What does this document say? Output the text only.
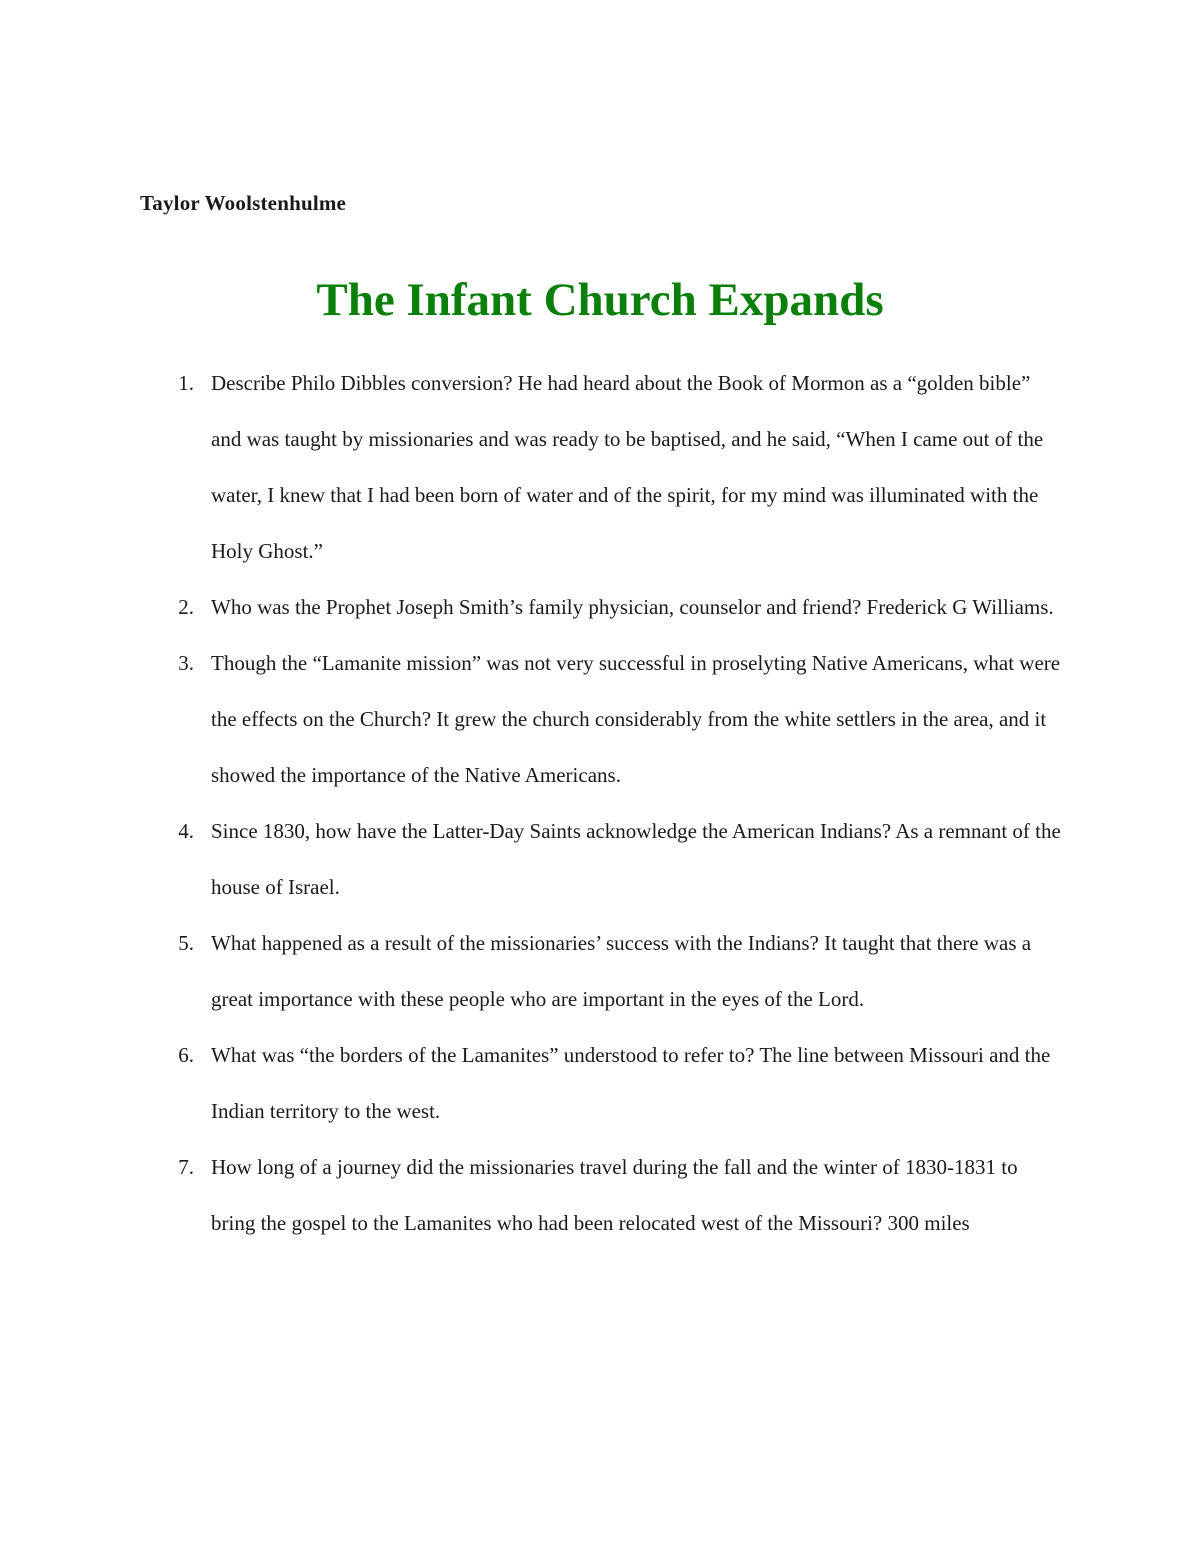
Taylor Woolstenhulme
The Infant Church Expands
1. Describe Philo Dibbles conversion? He had heard about the Book of Mormon as a “golden bible” and was taught by missionaries and was ready to be baptised, and he said, “When I came out of the water, I knew that I had been born of water and of the spirit, for my mind was illuminated with the Holy Ghost.”
2. Who was the Prophet Joseph Smith’s family physician, counselor and friend? Frederick G Williams.
3. Though the “Lamanite mission” was not very successful in proselyting Native Americans, what were the effects on the Church? It grew the church considerably from the white settlers in the area, and it showed the importance of the Native Americans.
4. Since 1830, how have the Latter-Day Saints acknowledge the American Indians? As a remnant of the house of Israel.
5. What happened as a result of the missionaries’ success with the Indians? It taught that there was a great importance with these people who are important in the eyes of the Lord.
6. What was “the borders of the Lamanites” understood to refer to? The line between Missouri and the Indian territory to the west.
7. How long of a journey did the missionaries travel during the fall and the winter of 1830-1831 to bring the gospel to the Lamanites who had been relocated west of the Missouri? 300 miles
